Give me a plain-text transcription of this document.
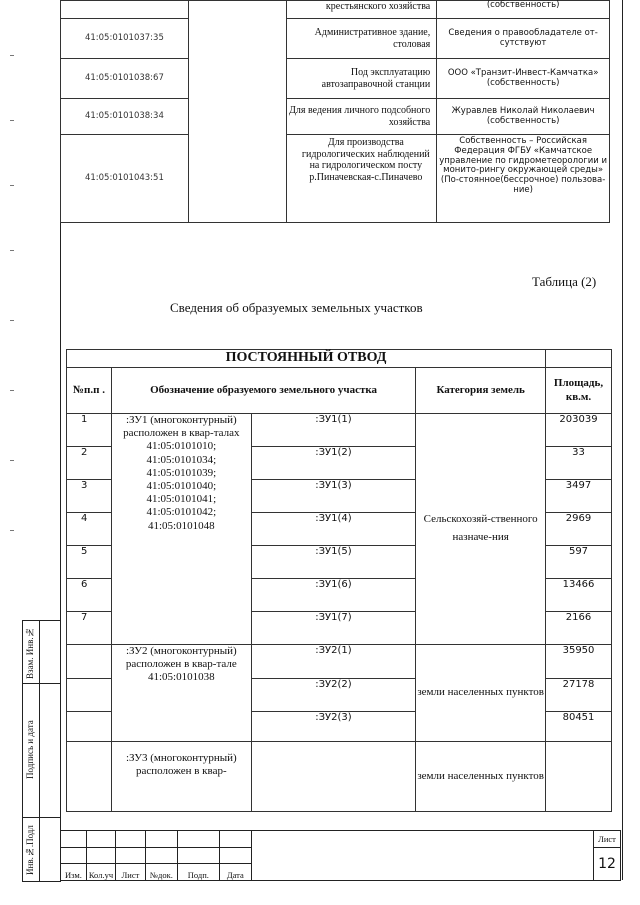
		крестьянского хозяйства	(собственность)
41:05:0101037:35		Административное здание, столовая	Сведения о правообладателе от-сутствуют
41:05:0101038:67		Под эксплуатацию автозаправочной станции	ООО «Транзит-Инвест-Камчатка» (собственность)
41:05:0101038:34		Для ведения личного подсобного хозяйства	Журавлев Николай Николаевич (собственность)
41:05:0101043:51		Для производства гидрологических наблюдений на гидрологическом посту р.Пиначевская-с.Пиначево	Собственность – Российская Федерация ФГБУ «Камчатское управление по гидрометеорологии и монито-рингу окружающей среды» (По-стоянное(бессрочное) пользова-ние)
Таблица (2)
Сведения об образуемых земельных участков
ПОСТОЯННЫЙ ОТВОД				
№п.п .	Обозначение образуемого земельного участка		Категория земель	Площадь, кв.м.
1	:ЗУ1 (многоконтурный) расположен в квар-талах 41:05:0101010; 41:05:0101034; 41:05:0101039; 41:05:0101040; 41:05:0101041; 41:05:0101042; 41:05:0101048	:ЗУ1(1)	Сельскохозяй-ственного назначе-ния	203039
2		:ЗУ1(2)		33
3		:ЗУ1(3)		3497
4		:ЗУ1(4)		2969
5		:ЗУ1(5)		597
6		:ЗУ1(6)		13466
7		:ЗУ1(7)		2166
	:ЗУ2 (многоконтурный) расположен в квар-тале 41:05:0101038	:ЗУ2(1)	земли населенных пунктов	35950
		:ЗУ2(2)		27178
		:ЗУ2(3)		80451
	:ЗУ3 (многоконтурный) расположен в квар-		земли населенных пунктов	
Взам. Инв.№
Подпись и дата
Инв.№.Подл
								Лист
							12
Изм.	Кол.уч	Лист	№док.	Подп.	Дата		
